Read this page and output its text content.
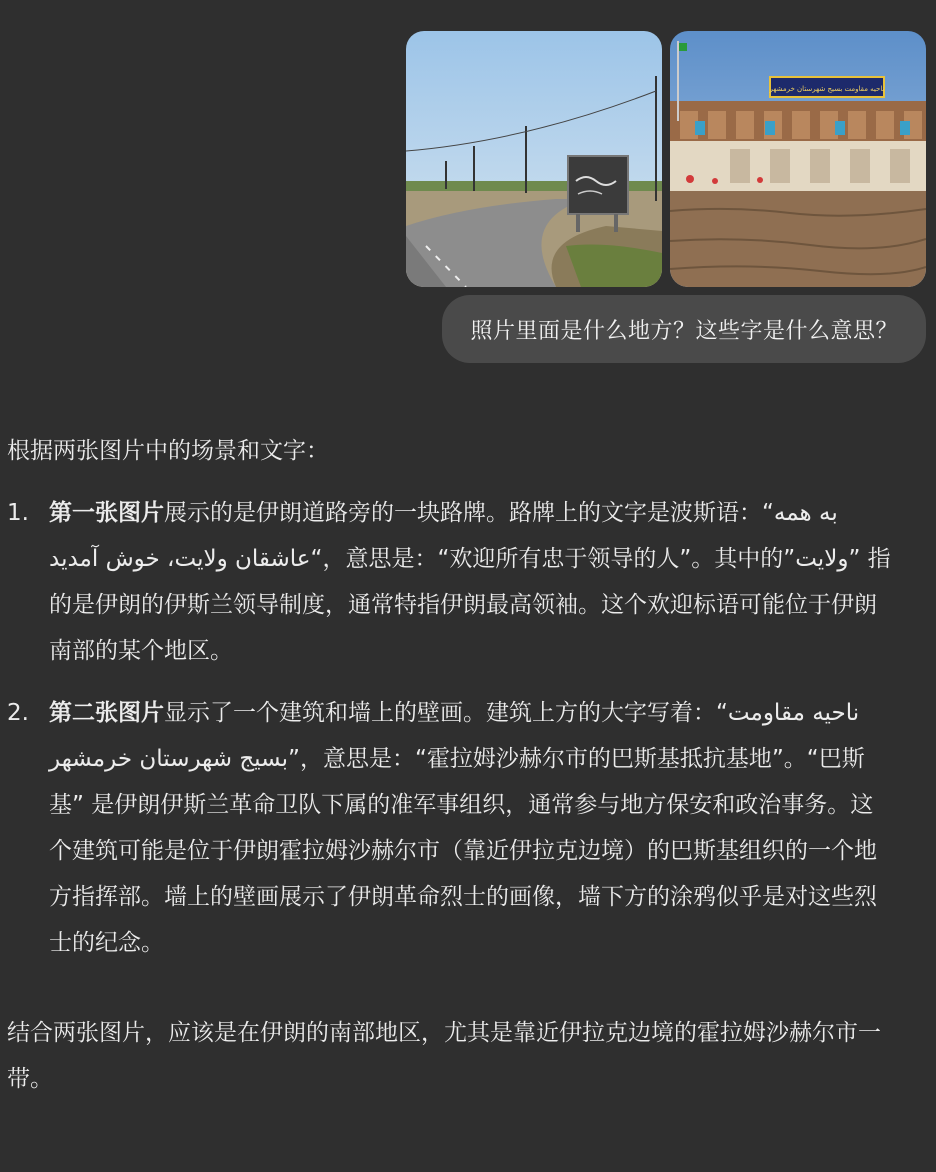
به همه عاشقان ولایت
ناحیه مقاومت بسیج شهرستان خرمشهر
照片里面是什么地方？这些字是什么意思？

根据两张图片中的场景和文字：

1. 第一张图片展示的是伊朗道路旁的一块路牌。路牌上的文字是波斯语：“به همه عاشقان ولایت، خوش آمدید“，意思是：“欢迎所有忠于领导的人”。其中的”ولایت” 指的是伊朗的伊斯兰领导制度，通常特指伊朗最高领袖。这个欢迎标语可能位于伊朗南部的某个地区。
2. 第二张图片显示了一个建筑和墙上的壁画。建筑上方的大字写着：“ناحیه مقاومت بسیج شهرستان خرمشهر”，意思是：“霍拉姆沙赫尔市的巴斯基抵抗基地”。“巴斯基” 是伊朗伊斯兰革命卫队下属的准军事组织，通常参与地方保安和政治事务。这个建筑可能是位于伊朗霍拉姆沙赫尔市（靠近伊拉克边境）的巴斯基组织的一个地方指挥部。墙上的壁画展示了伊朗革命烈士的画像，墙下方的涂鸦似乎是对这些烈士的纪念。

结合两张图片，应该是在伊朗的南部地区，尤其是靠近伊拉克边境的霍拉姆沙赫尔市一带。
